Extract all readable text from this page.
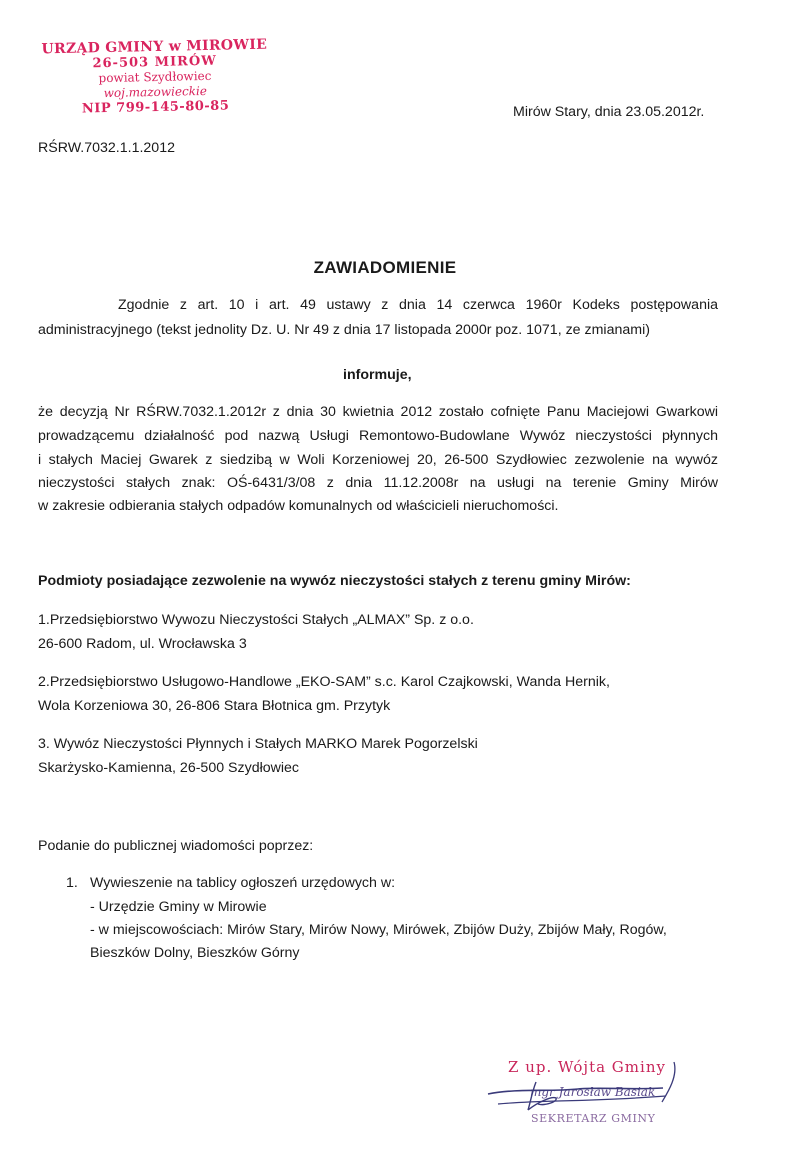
URZĄD GMINY w MIROWIE
26-503 MIRÓW
powiat Szydłowiec
woj.mazowieckie
NIP 799-145-80-85	Mirów Stary, dnia 23.05.2012r.
RŚRW.7032.1.1.2012
ZAWIADOMIENIE
Zgodnie z art. 10 i art. 49 ustawy z dnia 14 czerwca 1960r Kodeks postępowania
administracyjnego (tekst jednolity Dz. U. Nr 49 z dnia 17 listopada 2000r poz. 1071, ze zmianami)
informuje,
że decyzją Nr RŚRW.7032.1.2012r z dnia 30 kwietnia 2012 zostało cofnięte Panu Maciejowi Gwarkowi
prowadzącemu działalność pod nazwą Usługi Remontowo-Budowlane Wywóz nieczystości płynnych
i stałych Maciej Gwarek z siedzibą w Woli Korzeniowej 20, 26-500 Szydłowiec zezwolenie na wywóz
nieczystości stałych znak: OŚ-6431/3/08 z dnia 11.12.2008r na usługi na terenie Gminy Mirów
w zakresie odbierania stałych odpadów komunalnych od właścicieli nieruchomości.
Podmioty posiadające zezwolenie na wywóz nieczystości stałych z terenu gminy Mirów:
1.Przedsiębiorstwo Wywozu Nieczystości Stałych „ALMAX” Sp. z o.o.
26-600 Radom, ul. Wrocławska 3
2.Przedsiębiorstwo Usługowo-Handlowe „EKO-SAM” s.c. Karol Czajkowski, Wanda Hernik,
Wola Korzeniowa 30, 26-806 Stara Błotnica gm. Przytyk
3. Wywóz Nieczystości Płynnych i Stałych MARKO Marek Pogorzelski
Skarżysko-Kamienna, 26-500 Szydłowiec
Podanie do publicznej wiadomości poprzez:
1. Wywieszenie na tablicy ogłoszeń urzędowych w:
- Urzędzie Gminy w Mirowie
- w miejscowościach: Mirów Stary, Mirów Nowy, Mirówek, Zbijów Duży, Zbijów Mały, Rogów,
Bieszków Dolny, Bieszków Górny
Z up. Wójta Gminy
mgr Jarosław Basiak
SEKRETARZ GMINY
